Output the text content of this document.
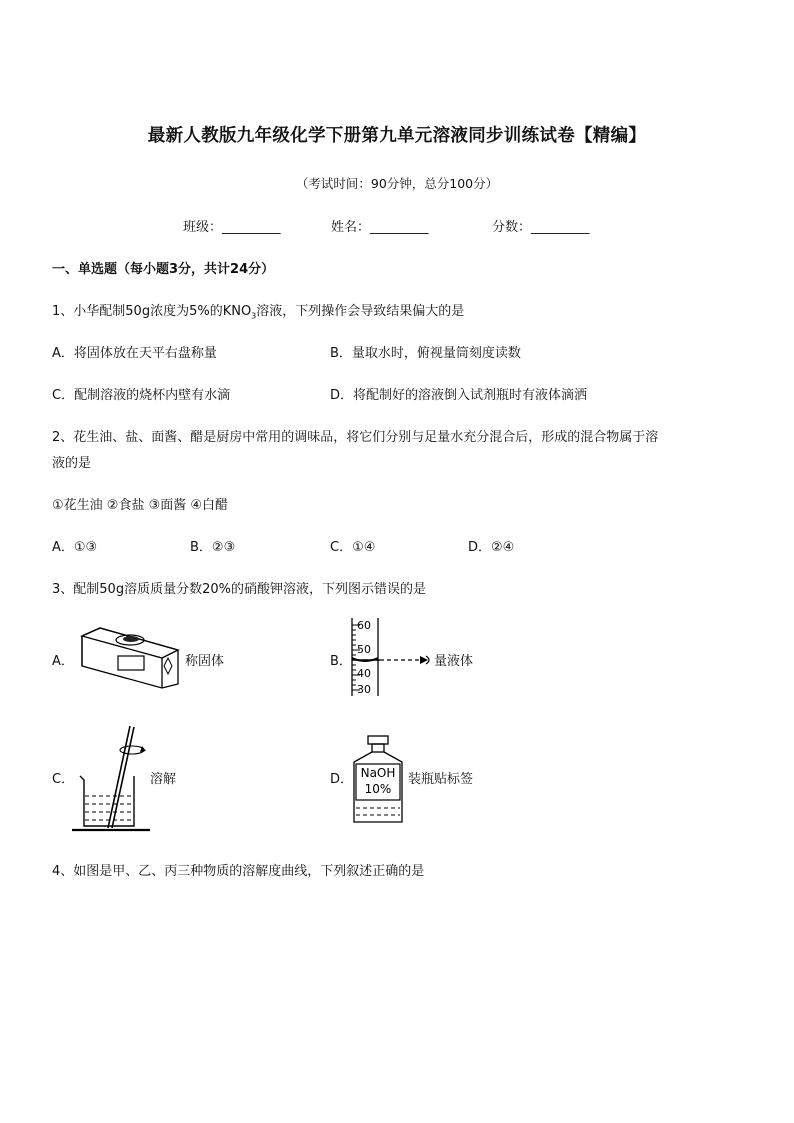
最新人教版九年级化学下册第九单元溶液同步训练试卷【精编】
（考试时间：90分钟，总分100分）
班级：_________	姓名：_________	分数：_________
一、单选题（每小题3分，共计24分）
1、小华配制50g浓度为5%的$KNO_3$溶液，下列操作会导致结果偏大的是
A．将固体放在天平右盘称量	B．量取水时，俯视量筒刻度读数
C．配制溶液的烧杯内壁有水滴	D．将配制好的溶液倒入试剂瓶时有液体滴洒
2、花生油、盐、面酱、醋是厨房中常用的调味品，将它们分别与足量水充分混合后，形成的混合物属于溶
液的是
①花生油 ②食盐 ③面酱 ④白醋
A．①③	B．②③	C．①④	D．②④
3、配制50g溶质质量分数20%的硝酸钾溶液，下列图示错误的是
A．	称固体	B．
60
50
40
30
量液体
C．	溶解	D． NaOH
10%
装瓶贴标签
4、如图是甲、乙、丙三种物质的溶解度曲线，下列叙述正确的是
